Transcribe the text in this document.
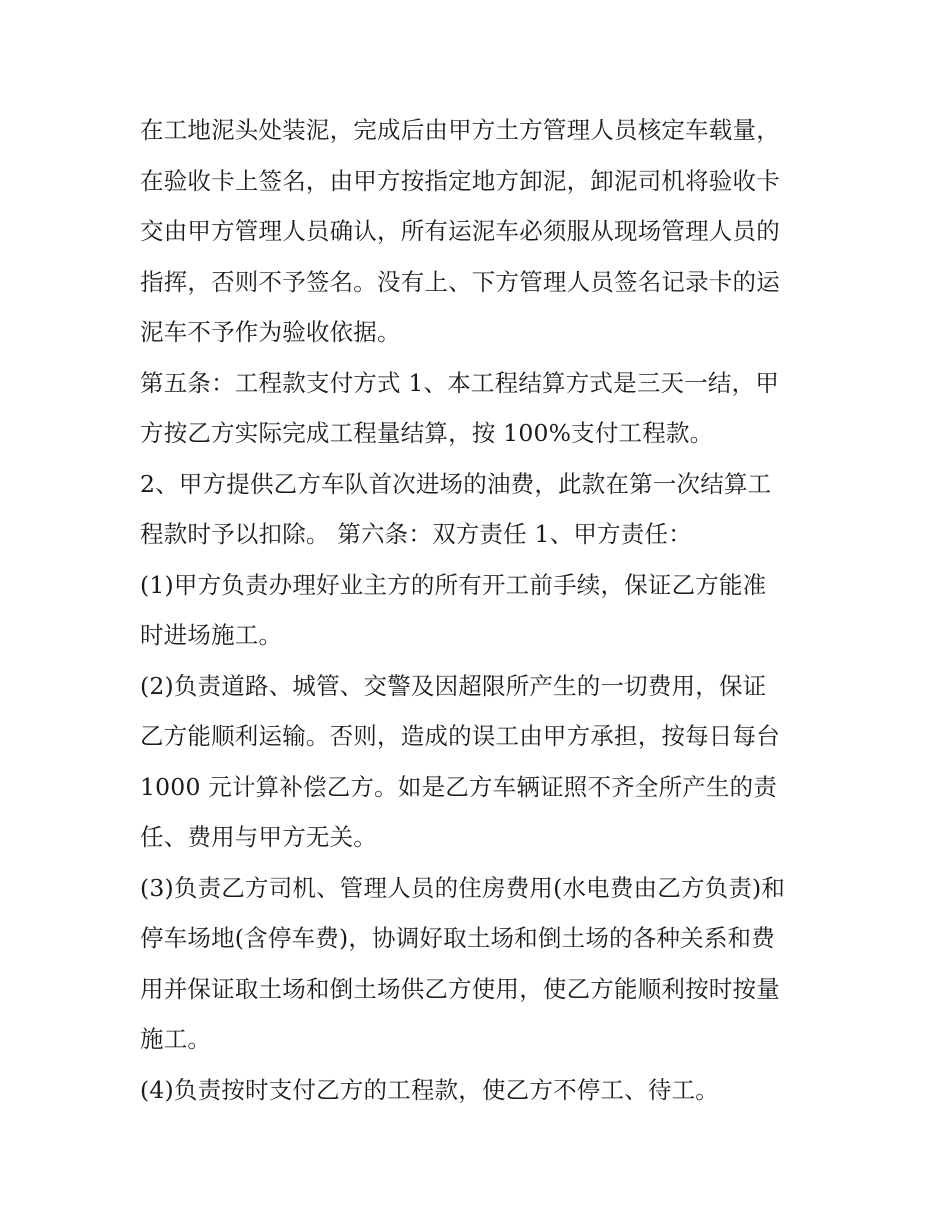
在工地泥头处装泥，完成后由甲方土方管理人员核定车载量，
在验收卡上签名，由甲方按指定地方卸泥，卸泥司机将验收卡
交由甲方管理人员确认，所有运泥车必须服从现场管理人员的
指挥，否则不予签名。没有上、下方管理人员签名记录卡的运
泥车不予作为验收依据。
第五条：工程款支付方式 1、本工程结算方式是三天一结，甲
方按乙方实际完成工程量结算，按 100%支付工程款。
2、甲方提供乙方车队首次进场的油费，此款在第一次结算工
程款时予以扣除。 第六条：双方责任 1、甲方责任：
(1)甲方负责办理好业主方的所有开工前手续，保证乙方能准
时进场施工。
(2)负责道路、城管、交警及因超限所产生的一切费用，保证
乙方能顺利运输。否则，造成的误工由甲方承担，按每日每台
1000 元计算补偿乙方。如是乙方车辆证照不齐全所产生的责
任、费用与甲方无关。
(3)负责乙方司机、管理人员的住房费用(水电费由乙方负责)和
停车场地(含停车费)，协调好取土场和倒土场的各种关系和费
用并保证取土场和倒土场供乙方使用，使乙方能顺利按时按量
施工。
(4)负责按时支付乙方的工程款，使乙方不停工、待工。
